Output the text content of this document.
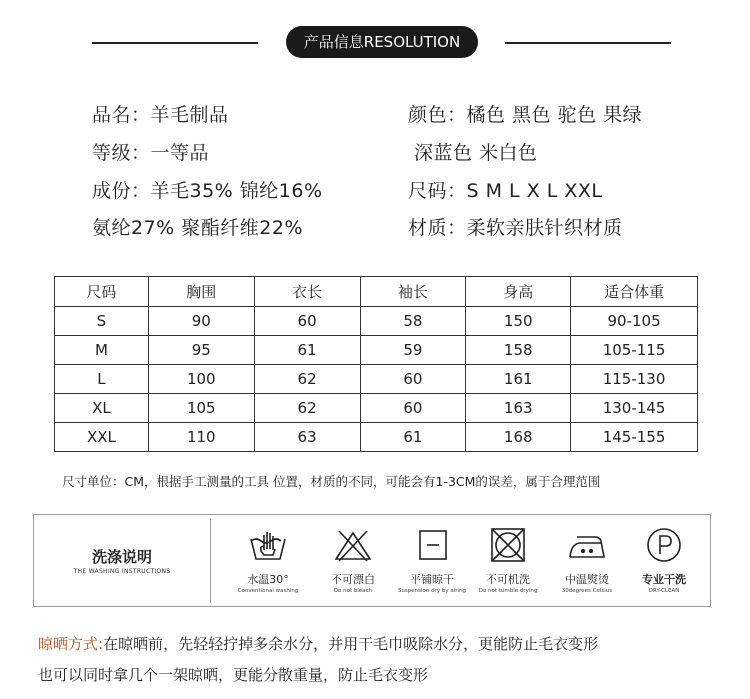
产品信息RESOLUTION
品名：羊毛制品
等级：一等品
成份：羊毛35% 锦纶16%
氨纶27% 聚酯纤维22%
颜色：橘色 黑色 驼色 果绿
深蓝色 米白色
尺码：S M L X L XXL
材质：柔软亲肤针织材质
尺码	胸围	衣长	袖长	身高	适合体重
S	90	60	58	150	90-105
M	95	61	59	158	105-115
L	100	62	60	161	115-130
XL	105	62	60	163	130-145
XXL	110	63	61	168	145-155
尺寸单位：CM，根据手工测量的工具 位置，材质的不同，可能会有1-3CM的误差，属于合理范围
洗涤说明
THE WASHING INSTRUCTIONS
水温30°
Conventional washing
不可漂白
Do not bleach
平铺晾干
Suspension dry by airing
不可机洗
Do not tumble drying
中温熨烫
30degrees Celsius
专业干洗
DRY-CLEAN
晾晒方式:在晾晒前，先轻轻拧掉多余水分，并用干毛巾吸除水分，更能防止毛衣变形
也可以同时拿几个一架晾晒，更能分散重量，防止毛衣变形
